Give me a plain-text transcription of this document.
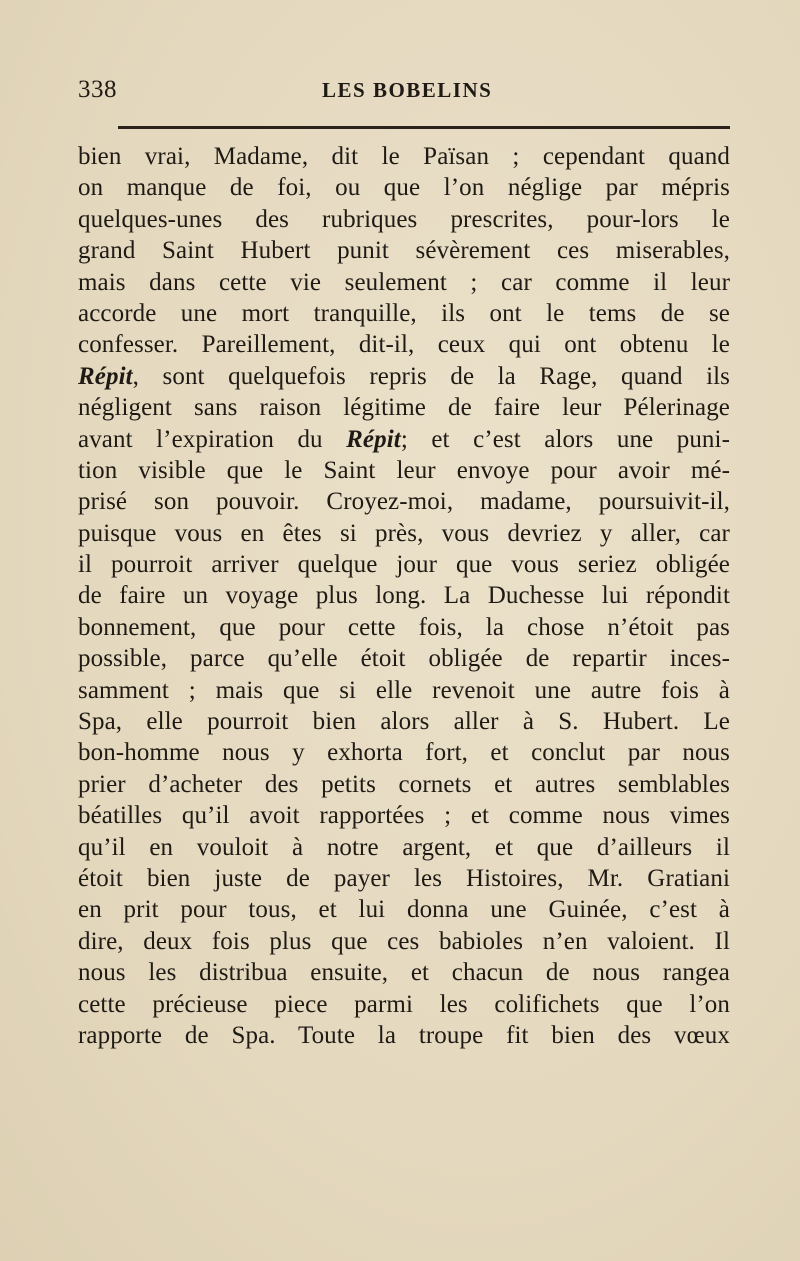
338	LES BOBELINS
bien vrai, Madame, dit le Païsan ; cependant quand
on manque de foi, ou que l’on néglige par mépris
quelques-unes des rubriques prescrites, pour-lors le
grand Saint Hubert punit sévèrement ces miserables,
mais dans cette vie seulement ; car comme il leur
accorde une mort tranquille, ils ont le tems de se
confesser. Pareillement, dit-il, ceux qui ont obtenu le
Répit, sont quelquefois repris de la Rage, quand ils
négligent sans raison légitime de faire leur Pélerinage
avant l’expiration du Répit; et c’est alors une puni-
tion visible que le Saint leur envoye pour avoir mé-
prisé son pouvoir. Croyez-moi, madame, poursuivit-il,
puisque vous en êtes si près, vous devriez y aller, car
il pourroit arriver quelque jour que vous seriez obligée
de faire un voyage plus long. La Duchesse lui répondit
bonnement, que pour cette fois, la chose n’étoit pas
possible, parce qu’elle étoit obligée de repartir inces-
samment ; mais que si elle revenoit une autre fois à
Spa, elle pourroit bien alors aller à S. Hubert. Le
bon-homme nous y exhorta fort, et conclut par nous
prier d’acheter des petits cornets et autres semblables
béatilles qu’il avoit rapportées ; et comme nous vimes
qu’il en vouloit à notre argent, et que d’ailleurs il
étoit bien juste de payer les Histoires, Mr. Gratiani
en prit pour tous, et lui donna une Guinée, c’est à
dire, deux fois plus que ces babioles n’en valoient. Il
nous les distribua ensuite, et chacun de nous rangea
cette précieuse piece parmi les colifichets que l’on
rapporte de Spa. Toute la troupe fit bien des vœux
